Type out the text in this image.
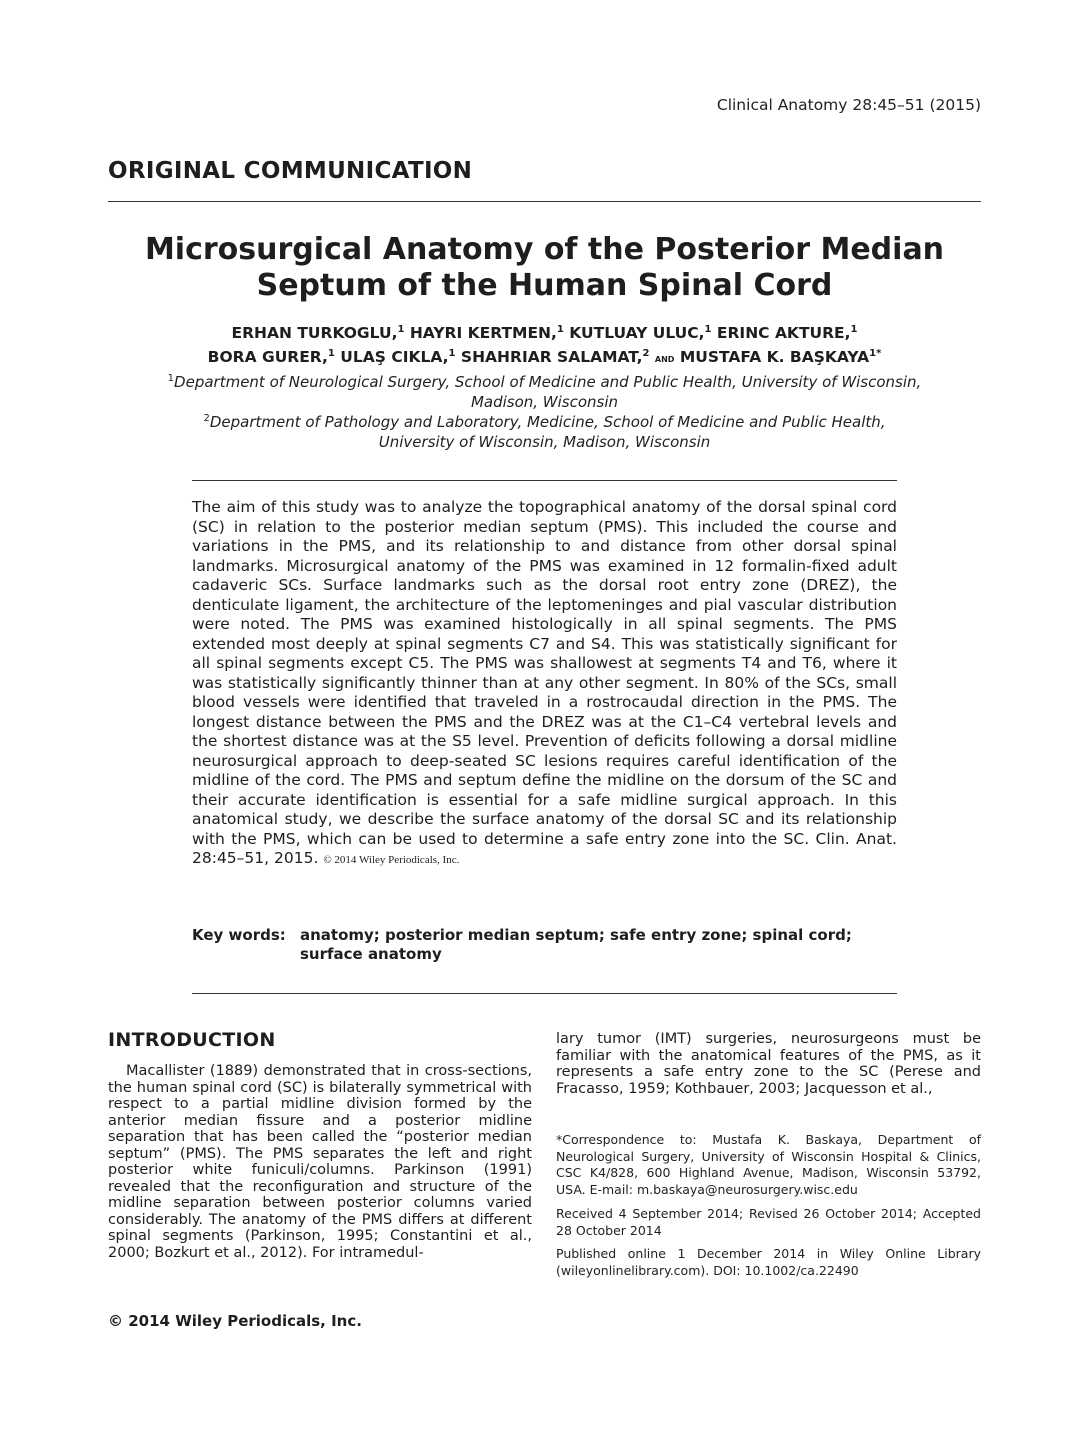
Clinical Anatomy 28:45–51 (2015)
ORIGINAL COMMUNICATION
Microsurgical Anatomy of the Posterior Median
Septum of the Human Spinal Cord
ERHAN TURKOGLU,$^1$ HAYRI KERTMEN,$^1$ KUTLUAY ULUC,$^1$ ERINC AKTURE,$^1$
BORA GURER,$^1$ ULAŞ CIKLA,$^1$ SHAHRIAR SALAMAT,$^2$ and MUSTAFA K. $BAŞKAYA^{1*}$
$^1$Department of Neurological Surgery, School of Medicine and Public Health, University of Wisconsin,
Madison, Wisconsin
$^2$Department of Pathology and Laboratory, Medicine, School of Medicine and Public Health,
University of Wisconsin, Madison, Wisconsin
The aim of this study was to analyze the topographical anatomy of the dorsal spinal cord (SC) in relation to the posterior median septum (PMS). This included the course and variations in the PMS, and its relationship to and distance from other dorsal spinal landmarks. Microsurgical anatomy of the PMS was examined in 12 formalin-fixed adult cadaveric SCs. Surface landmarks such as the dorsal root entry zone (DREZ), the denticulate ligament, the architecture of the leptomeninges and pial vascular distribution were noted. The PMS was examined histologically in all spinal segments. The PMS extended most deeply at spinal segments C7 and S4. This was statistically significant for all spinal segments except C5. The PMS was shallowest at segments T4 and T6, where it was statistically significantly thinner than at any other segment. In 80% of the SCs, small blood vessels were identified that traveled in a rostrocaudal direction in the PMS. The longest distance between the PMS and the DREZ was at the C1–C4 vertebral levels and the shortest distance was at the S5 level. Prevention of deficits following a dorsal midline neurosurgical approach to deep-seated SC lesions requires careful identification of the midline of the cord. The PMS and septum define the midline on the dorsum of the SC and their accurate identification is essential for a safe midline surgical approach. In this anatomical study, we describe the surface anatomy of the dorsal SC and its relationship with the PMS, which can be used to determine a safe entry zone into the SC. Clin. Anat. 28:45–51, 2015. © 2014 Wiley Periodicals, Inc.
Key words: anatomy; posterior median septum; safe entry zone; spinal cord; surface anatomy
INTRODUCTION
Macallister (1889) demonstrated that in cross-sections, the human spinal cord (SC) is bilaterally symmetrical with respect to a partial midline division formed by the anterior median fissure and a posterior midline separation that has been called the “posterior median septum” (PMS). The PMS separates the left and right posterior white funiculi/columns. Parkinson (1991) revealed that the reconfiguration and structure of the midline separation between posterior columns varied considerably. The anatomy of the PMS differs at different spinal segments (Parkinson, 1995; Constantini et al., 2000; Bozkurt et al., 2012). For intramedul-
lary tumor (IMT) surgeries, neurosurgeons must be familiar with the anatomical features of the PMS, as it represents a safe entry zone to the SC (Perese and Fracasso, 1959; Kothbauer, 2003; Jacquesson et al.,
*Correspondence to: Mustafa K. Baskaya, Department of Neurological Surgery, University of Wisconsin Hospital & Clinics, CSC K4/828, 600 Highland Avenue, Madison, Wisconsin 53792, USA. E-mail: m.baskaya@neurosurgery.wisc.edu
Received 4 September 2014; Revised 26 October 2014; Accepted 28 October 2014
Published online 1 December 2014 in Wiley Online Library (wileyonlinelibrary.com). DOI: 10.1002/ca.22490
© 2014 Wiley Periodicals, Inc.
